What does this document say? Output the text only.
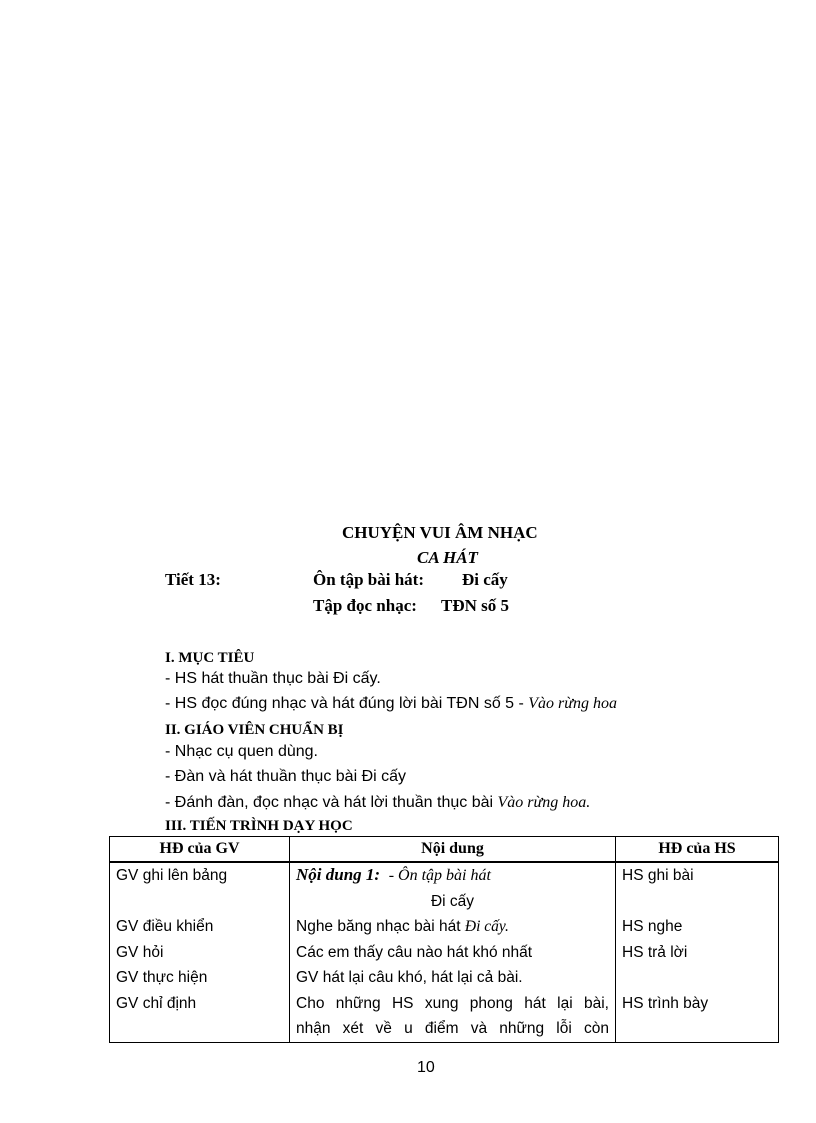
CHUYỆN VUI ÂM NHẠC
CA HÁT
Tiết 13:	Ôn tập bài hát: Đi cấy
Tập đọc nhạc: TĐN số 5
I. MỤC TIÊU
- HS hát thuần thục bài Đi cấy.
- HS đọc đúng nhạc và hát đúng lời bài TĐN số 5 - Vào rừng hoa
II. GIÁO VIÊN CHUẨN BỊ
- Nhạc cụ quen dùng.
- Đàn và hát thuần thục bài Đi cấy
- Đánh đàn, đọc nhạc và hát lời thuần thục bài Vào rừng hoa.
III. TIẾN TRÌNH DẠY HỌC
HĐ của GV	Nội dung	HĐ của HS
GV ghi lên bảng	Nội dung 1: - Ôn tập bài hát	HS ghi bài
	Đi cấy	
GV điều khiển	Nghe băng nhạc bài hát Đi cấy.	HS nghe
GV hỏi	Các em thấy câu nào hát khó nhất	HS trả lời
GV thực hiện	GV hát lại câu khó, hát lại cả bài.	
GV chỉ định	Cho những HS xung phong hát lại bài,	HS trình bày
	nhận xét về u điểm và những lỗi còn	
10
